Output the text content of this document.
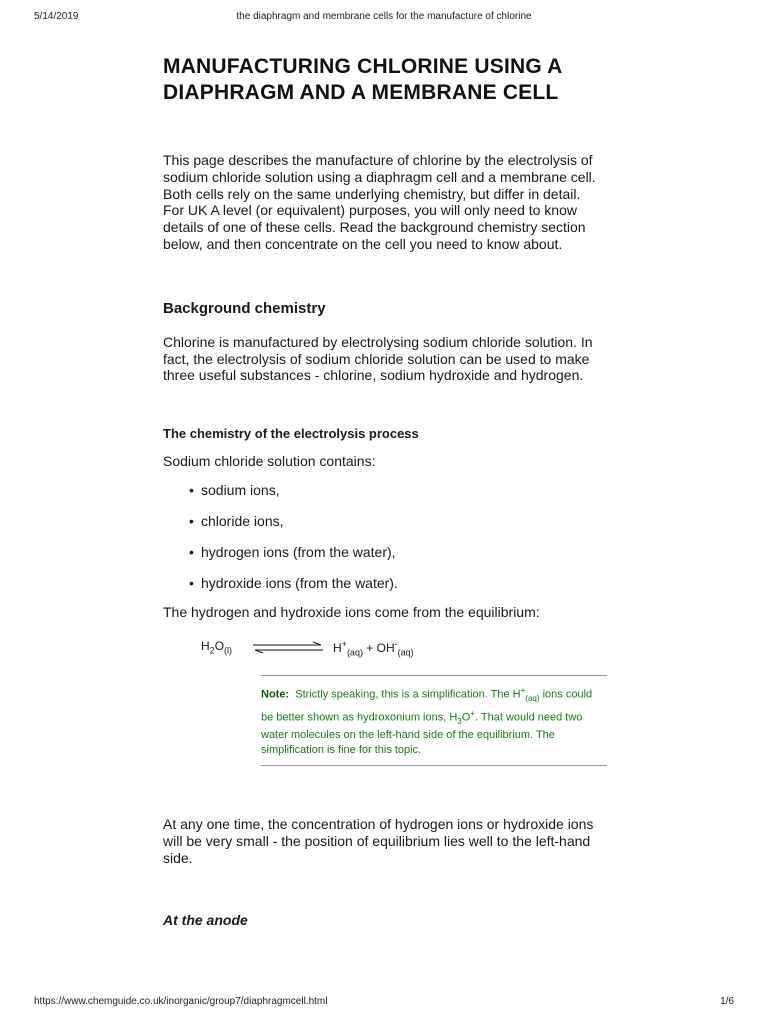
5/14/2019	the diaphragm and membrane cells for the manufacture of chlorine
MANUFACTURING CHLORINE USING A DIAPHRAGM AND A MEMBRANE CELL

This page describes the manufacture of chlorine by the electrolysis of sodium chloride solution using a diaphragm cell and a membrane cell. Both cells rely on the same underlying chemistry, but differ in detail. For UK A level (or equivalent) purposes, you will only need to know details of one of these cells. Read the background chemistry section below, and then concentrate on the cell you need to know about.

Background chemistry

Chlorine is manufactured by electrolysing sodium chloride solution. In fact, the electrolysis of sodium chloride solution can be used to make three useful substances - chlorine, sodium hydroxide and hydrogen.

The chemistry of the electrolysis process

Sodium chloride solution contains:

• sodium ions,
• chloride ions,
• hydrogen ions (from the water),
• hydroxide ions (from the water).

The hydrogen and hydroxide ions come from the equilibrium:

$H_2O_{(l)}$	$H^+_{(aq)} + OH^-_{(aq)}$
Note: Strictly speaking, this is a simplification. The $H^+_{(aq)}$ ions could be better shown as hydroxonium ions, $H_3O^+$. That would need two water molecules on the left-hand side of the equilibrium. The simplification is fine for this topic.

At any one time, the concentration of hydrogen ions or hydroxide ions will be very small - the position of equilibrium lies well to the left-hand side.

At the anode
https://www.chemguide.co.uk/inorganic/group7/diaphragmcell.html	1/6
